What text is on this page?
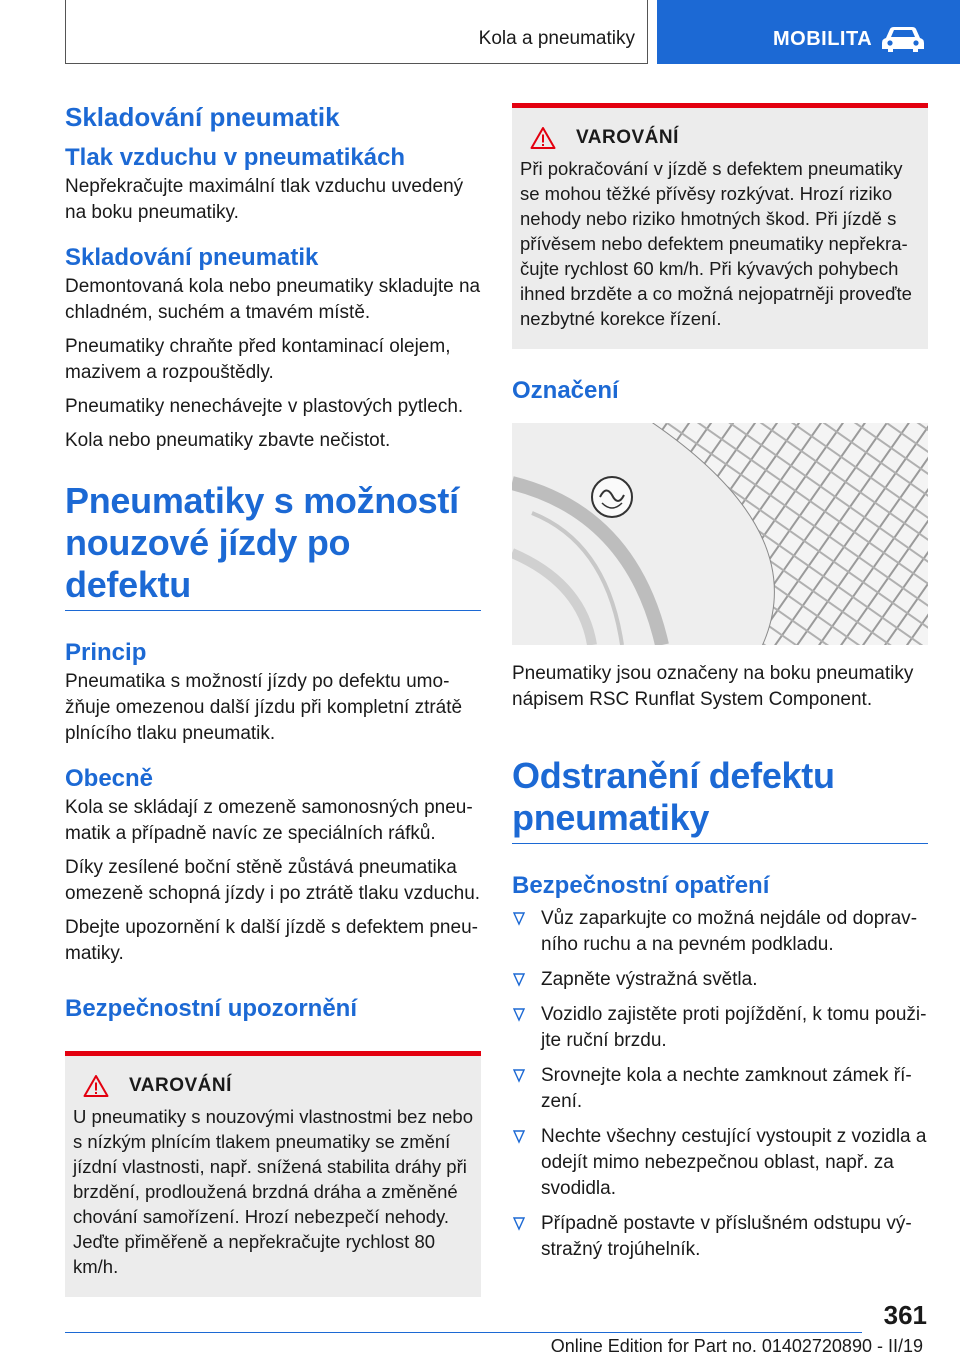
Kola a pneumatiky	MOBILITA
Skladování pneumatik
Tlak vzduchu v pneumatikách

Nepřekračujte maximální tlak vzduchu uvedený na boku pneumatiky.

Skladování pneumatik

Demontovaná kola nebo pneumatiky skladujte na chladném, suchém a tmavém místě.

Pneumatiky chraňte před kontaminací olejem, mazivem a rozpouštědly.

Pneumatiky nenechávejte v plastových pytlech.

Kola nebo pneumatiky zbavte nečistot.

Pneumatiky s možností nouzové jízdy po defektu
Princip

Pneumatika s možností jízdy po defektu umožňuje omezenou další jízdu při kompletní ztrátě plnícího tlaku pneumatik.

Obecně

Kola se skládají z omezeně samonosných pneumatik a případně navíc ze speciálních ráfků.

Díky zesílené boční stěně zůstává pneumatika omezeně schopná jízdy i po ztrátě tlaku vzduchu.

Dbejte upozornění k další jízdě s defektem pneumatiky.

Bezpečnostní upozornění
VAROVÁNÍ

U pneumatiky s nouzovými vlastnostmi bez nebo s nízkým plnícím tlakem pneumatiky se změní jízdní vlastnosti, např. snížená stabilita dráhy při brzdění, prodloužená brzdná dráha a změněné chování samořízení. Hrozí nebezpečí nehody. Jeďte přiměřeně a nepřekračujte rychlost 80 km/h.

VAROVÁNÍ

Při pokračování v jízdě s defektem pneumatiky se mohou těžké přívěsy rozkývat. Hrozí riziko nehody nebo riziko hmotných škod. Při jízdě s přívěsem nebo defektem pneumatiky nepřekračujte rychlost 60 km/h. Při kývavých pohybech ihned brzděte a co možná nejopatrněji proveďte nezbytné korekce řízení.

Označení

Pneumatiky jsou označeny na boku pneumatiky nápisem RSC Runflat System Component.

Odstranění defektu pneumatiky
Bezpečnostní opatření
Vůz zaparkujte co možná nejdále od dopravního ruchu a na pevném podkladu.
Zapněte výstražná světla.
Vozidlo zajistěte proti pojíždění, k tomu použijte ruční brzdu.
Srovnejte kola a nechte zamknout zámek řízení.
Nechte všechny cestující vystoupit z vozidla a odejít mimo nebezpečnou oblast, např. za svodidla.
Případně postavte v příslušném odstupu výstražný trojúhelník.
361
Online Edition for Part no. 01402720890 - II/19
